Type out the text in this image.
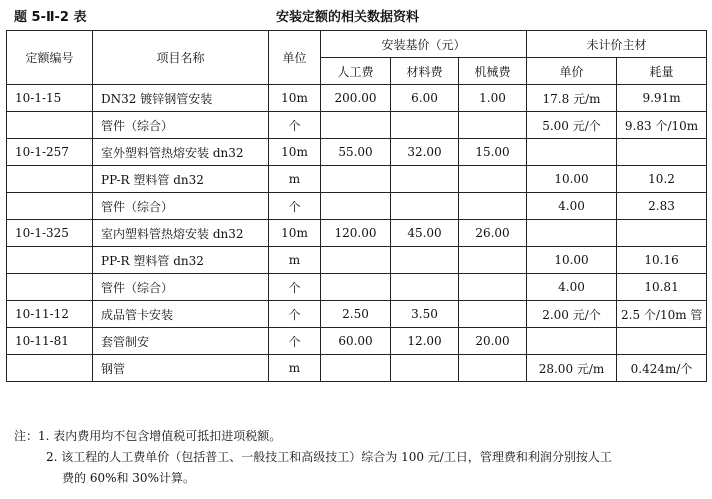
题 5-Ⅱ-2 表	安装定额的相关数据资料
定额编号	项目名称	单位	安装基价（元）			未计价主材	
			人工费	材料费	机械费	单价	耗量
10-1-15	DN32 镀锌钢管安装	10m	200.00	6.00	1.00	17.8 元/m	9.91m
	管件（综合）	个				5.00 元/个	9.83 个/10m
10-1-257	室外塑料管热熔安装 dn32	10m	55.00	32.00	15.00		
	PP-R 塑料管 dn32	m				10.00	10.2
	管件（综合）	个				4.00	2.83
10-1-325	室内塑料管热熔安装 dn32	10m	120.00	45.00	26.00		
	PP-R 塑料管 dn32	m				10.00	10.16
	管件（综合）	个				4.00	10.81
10-11-12	成品管卡安装	个	2.50	3.50		2.00 元/个	2.5 个/10m 管
10-11-81	套管制安	个	60.00	12.00	20.00		
	钢管	m				28.00 元/m	0.424m/个
注：1. 表内费用均不包含增值税可抵扣进项税额。
2. 该工程的人工费单价（包括普工、一般技工和高级技工）综合为 100 元/工日，管理费和利润分别按人工
费的 60%和 30%计算。
